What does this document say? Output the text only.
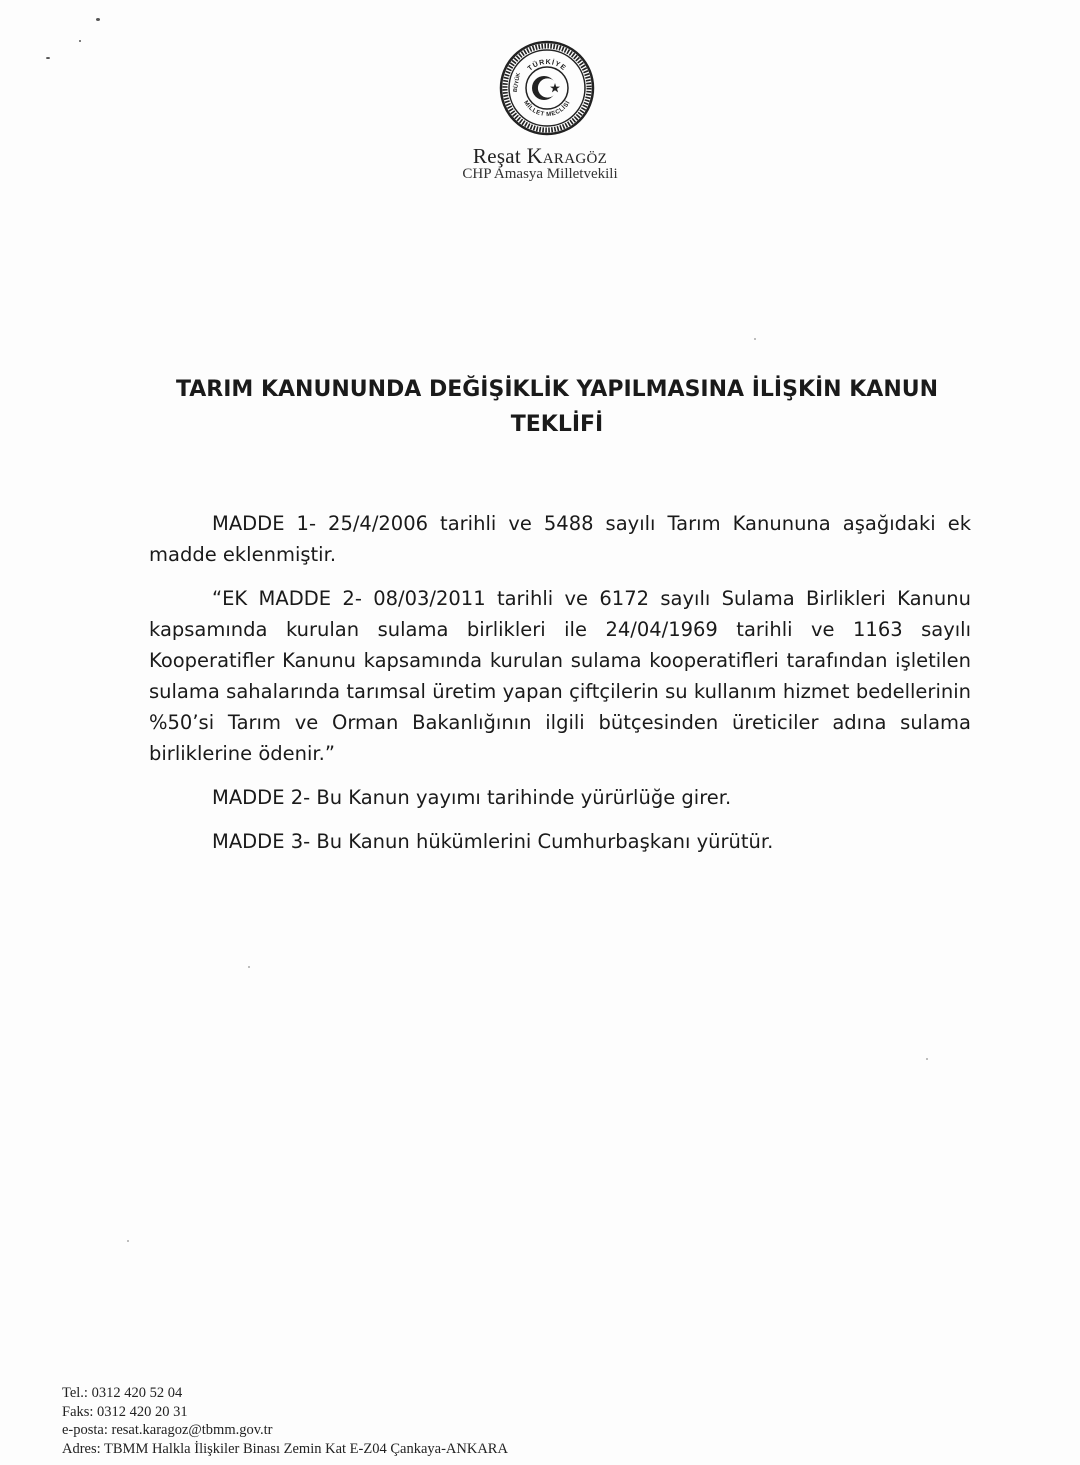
TÜRKİYE
MİLLET MECLİSİ
BÜYÜK
Reşat Karagöz
CHP Amasya Milletvekili
TARIM KANUNUNDA DEĞİŞİKLİK YAPILMASINA İLİŞKİN KANUN
TEKLİFİ

MADDE 1- 25/4/2006 tarihli ve 5488 sayılı Tarım Kanununa aşağıdaki ek madde eklenmiştir.

“EK MADDE 2- 08/03/2011 tarihli ve 6172 sayılı Sulama Birlikleri Kanunu kapsamında kurulan sulama birlikleri ile 24/04/1969 tarihli ve 1163 sayılı Kooperatifler Kanunu kapsamında kurulan sulama kooperatifleri tarafından işletilen sulama sahalarında tarımsal üretim yapan çiftçilerin su kullanım hizmet bedellerinin %50’si Tarım ve Orman Bakanlığının ilgili bütçesinden üreticiler adına sulama birliklerine ödenir.”

MADDE 2- Bu Kanun yayımı tarihinde yürürlüğe girer.

MADDE 3- Bu Kanun hükümlerini Cumhurbaşkanı yürütür.

Tel.: 0312 420 52 04
Faks: 0312 420 20 31
e-posta: resat.karagoz@tbmm.gov.tr
Adres: TBMM Halkla İlişkiler Binası Zemin Kat E-Z04 Çankaya-ANKARA
